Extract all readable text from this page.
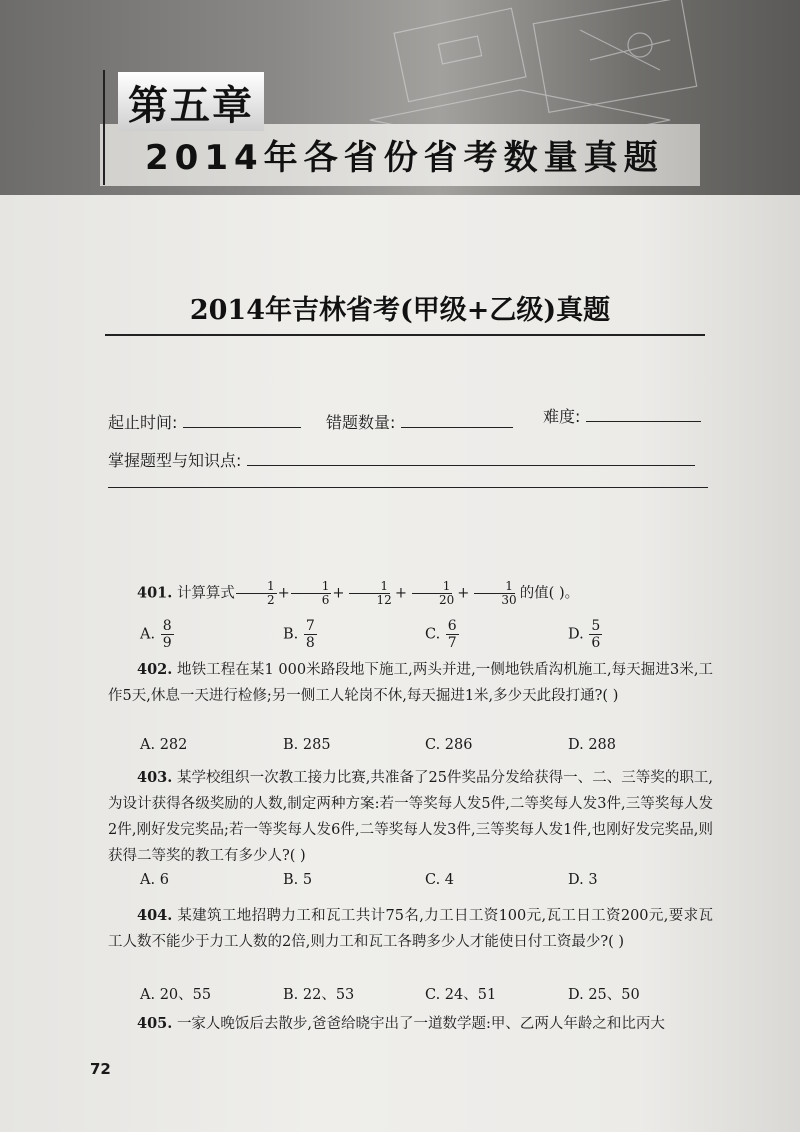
第五章
2014年各省份省考数量真题
2014年吉林省考(甲级+乙级)真题
起止时间:	错题数量:	难度:
掌握题型与知识点:

401. 计算算式 $\frac{1}{2} + \frac{1}{6} + \frac{1}{12} + \frac{1}{20} + \frac{1}{30}$ 的值( )。

A. $\frac{8}{9}$	B. $\frac{7}{8}$	C. $\frac{6}{7}$	D. $\frac{5}{6}$

402. 地铁工程在某1 000米路段地下施工,两头并进,一侧地铁盾沟机施工,每天掘进3米,工作5天,休息一天进行检修;另一侧工人轮岗不休,每天掘进1米,多少天此段打通?( )

A. 282	B. 285	C. 286	D. 288

403. 某学校组织一次教工接力比赛,共准备了25件奖品分发给获得一、二、三等奖的职工,为设计获得各级奖励的人数,制定两种方案:若一等奖每人发5件,二等奖每人发3件,三等奖每人发2件,刚好发完奖品;若一等奖每人发6件,二等奖每人发3件,三等奖每人发1件,也刚好发完奖品,则获得二等奖的教工有多少人?( )

A. 6	B. 5	C. 4	D. 3

404. 某建筑工地招聘力工和瓦工共计75名,力工日工资100元,瓦工日工资200元,要求瓦工人数不能少于力工人数的2倍,则力工和瓦工各聘多少人才能使日付工资最少?( )

A. 20、55	B. 22、53	C. 24、51	D. 25、50

405. 一家人晚饭后去散步,爸爸给晓宇出了一道数学题:甲、乙两人年龄之和比丙大

72
